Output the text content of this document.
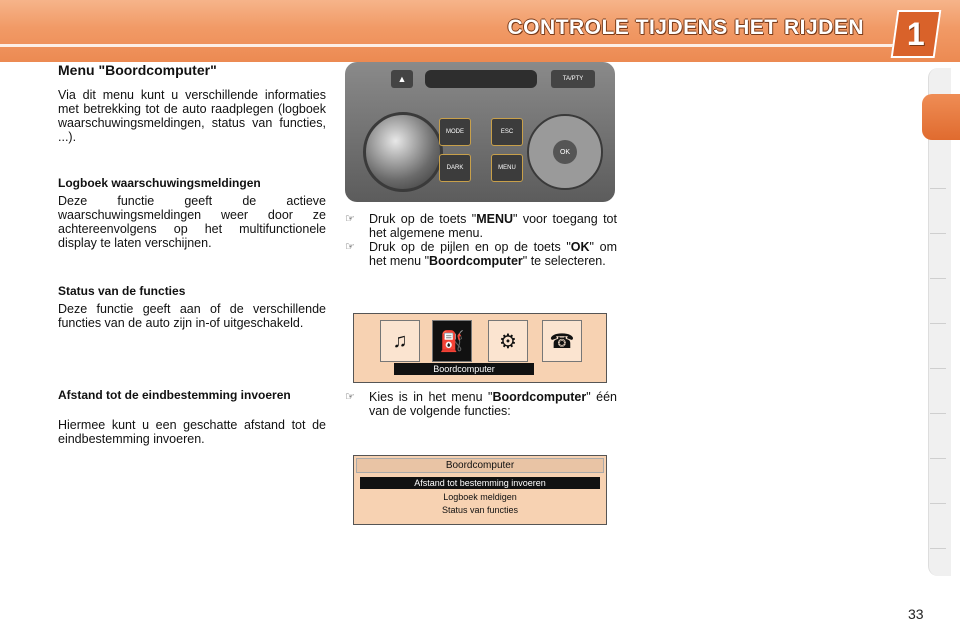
CONTROLE TIJDENS HET RIJDEN 1
Menu "Boordcomputer"
Via dit menu kunt u verschillende informaties met betrekking tot de auto raadplegen (logboek waarschuwingsmeldingen, status van functies, ...).
Logboek waarschuwingsmeldingen
Deze functie geeft de actieve waarschuwingsmeldingen weer door ze achtereenvolgens op het multifunctionele display te laten verschijnen.
Status van de functies
Deze functie geeft aan of de verschillende functies van de auto zijn in-of uitgeschakeld.
Afstand tot de eindbestemming invoeren
Hiermee kunt u een geschatte afstand tot de eindbestemming invoeren.
▲	TA/PTY
MODE
DARK
ESC
MENU
OK
☞ Druk op de toets "MENU" voor toegang tot het algemene menu.
☞ Druk op de pijlen en op de toets "OK" om het menu "Boordcomputer" te selecteren.
♫	⛽	⚙	☎
Boordcomputer
☞ Kies is in het menu "Boordcomputer" één van de volgende functies:
Boordcomputer
Afstand tot bestemming invoeren
Logboek meldigen
Status van functies
33
